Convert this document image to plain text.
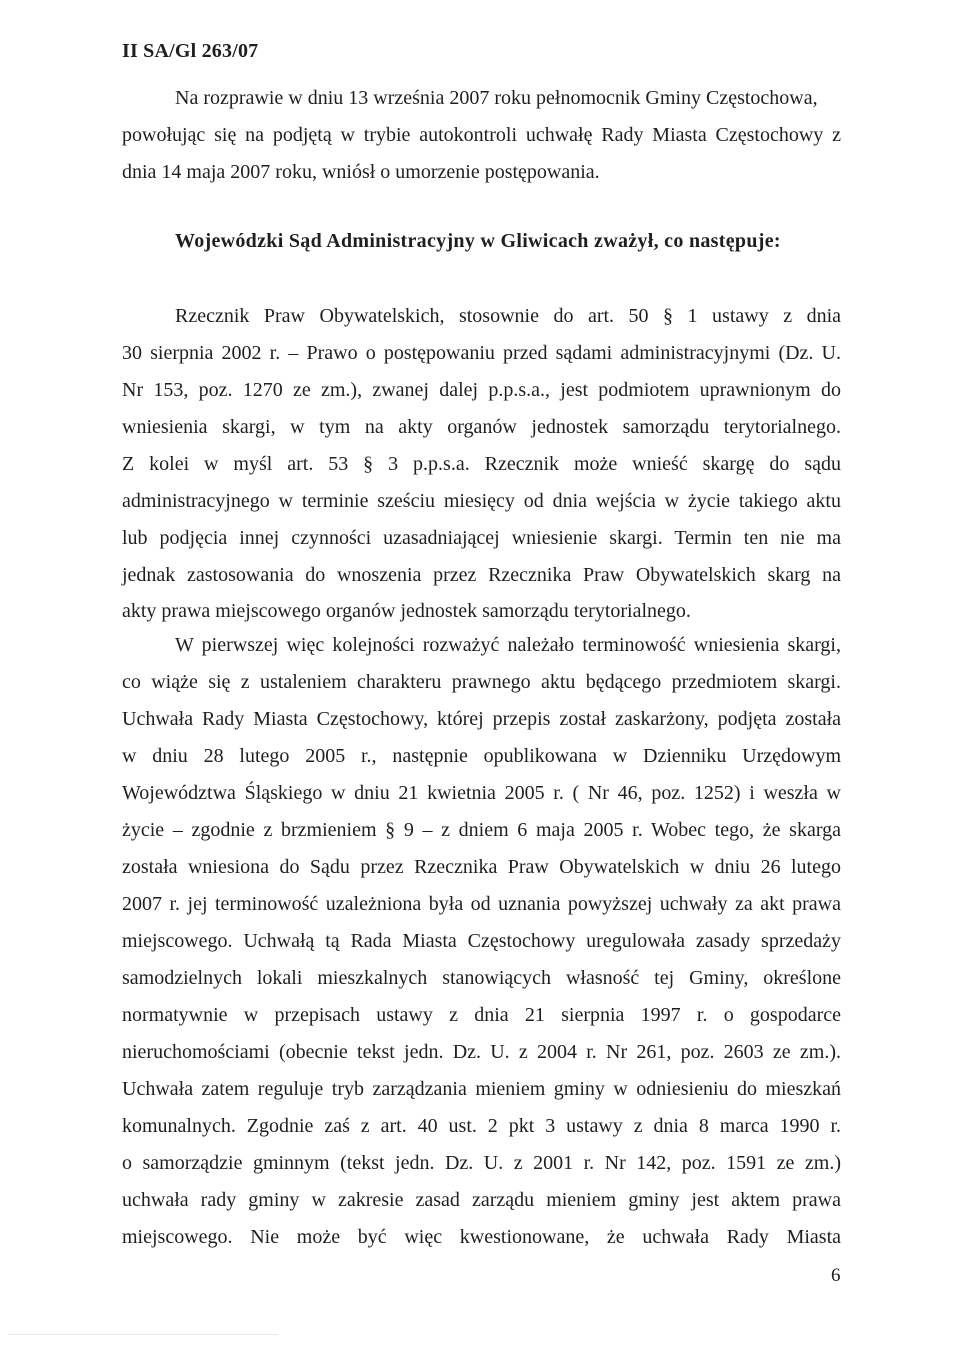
II SA/Gl 263/07
Na rozprawie w dniu 13 września 2007 roku pełnomocnik Gminy Częstochowa,
powołując się na podjętą w trybie autokontroli uchwałę Rady Miasta Częstochowy z
dnia 14 maja 2007 roku, wniósł o umorzenie postępowania.
Wojewódzki Sąd Administracyjny w Gliwicach zważył, co następuje:
Rzecznik Praw Obywatelskich, stosownie do art. 50 § 1 ustawy z dnia
30 sierpnia 2002 r. – Prawo o postępowaniu przed sądami administracyjnymi (Dz. U.
Nr 153, poz. 1270 ze zm.), zwanej dalej p.p.s.a., jest podmiotem uprawnionym do
wniesienia skargi, w tym na akty organów jednostek samorządu terytorialnego.
Z kolei w myśl art. 53 § 3 p.p.s.a. Rzecznik może wnieść skargę do sądu
administracyjnego w terminie sześciu miesięcy od dnia wejścia w życie takiego aktu
lub podjęcia innej czynności uzasadniającej wniesienie skargi. Termin ten nie ma
jednak zastosowania do wnoszenia przez Rzecznika Praw Obywatelskich skarg na
akty prawa miejscowego organów jednostek samorządu terytorialnego.
W pierwszej więc kolejności rozważyć należało terminowość wniesienia skargi,
co wiąże się z ustaleniem charakteru prawnego aktu będącego przedmiotem skargi.
Uchwała Rady Miasta Częstochowy, której przepis został zaskarżony, podjęta została
w dniu 28 lutego 2005 r., następnie opublikowana w Dzienniku Urzędowym
Województwa Śląskiego w dniu 21 kwietnia 2005 r. ( Nr 46, poz. 1252) i weszła w
życie – zgodnie z brzmieniem § 9 – z dniem 6 maja 2005 r. Wobec tego, że skarga
została wniesiona do Sądu przez Rzecznika Praw Obywatelskich w dniu 26 lutego
2007 r. jej terminowość uzależniona była od uznania powyższej uchwały za akt prawa
miejscowego. Uchwałą tą Rada Miasta Częstochowy uregulowała zasady sprzedaży
samodzielnych lokali mieszkalnych stanowiących własność tej Gminy, określone
normatywnie w przepisach ustawy z dnia 21 sierpnia 1997 r. o gospodarce
nieruchomościami (obecnie tekst jedn. Dz. U. z 2004 r. Nr 261, poz. 2603 ze zm.).
Uchwała zatem reguluje tryb zarządzania mieniem gminy w odniesieniu do mieszkań
komunalnych. Zgodnie zaś z art. 40 ust. 2 pkt 3 ustawy z dnia 8 marca 1990 r.
o samorządzie gminnym (tekst jedn. Dz. U. z 2001 r. Nr 142, poz. 1591 ze zm.)
uchwała rady gminy w zakresie zasad zarządu mieniem gminy jest aktem prawa
miejscowego. Nie może być więc kwestionowane, że uchwała Rady Miasta
6
